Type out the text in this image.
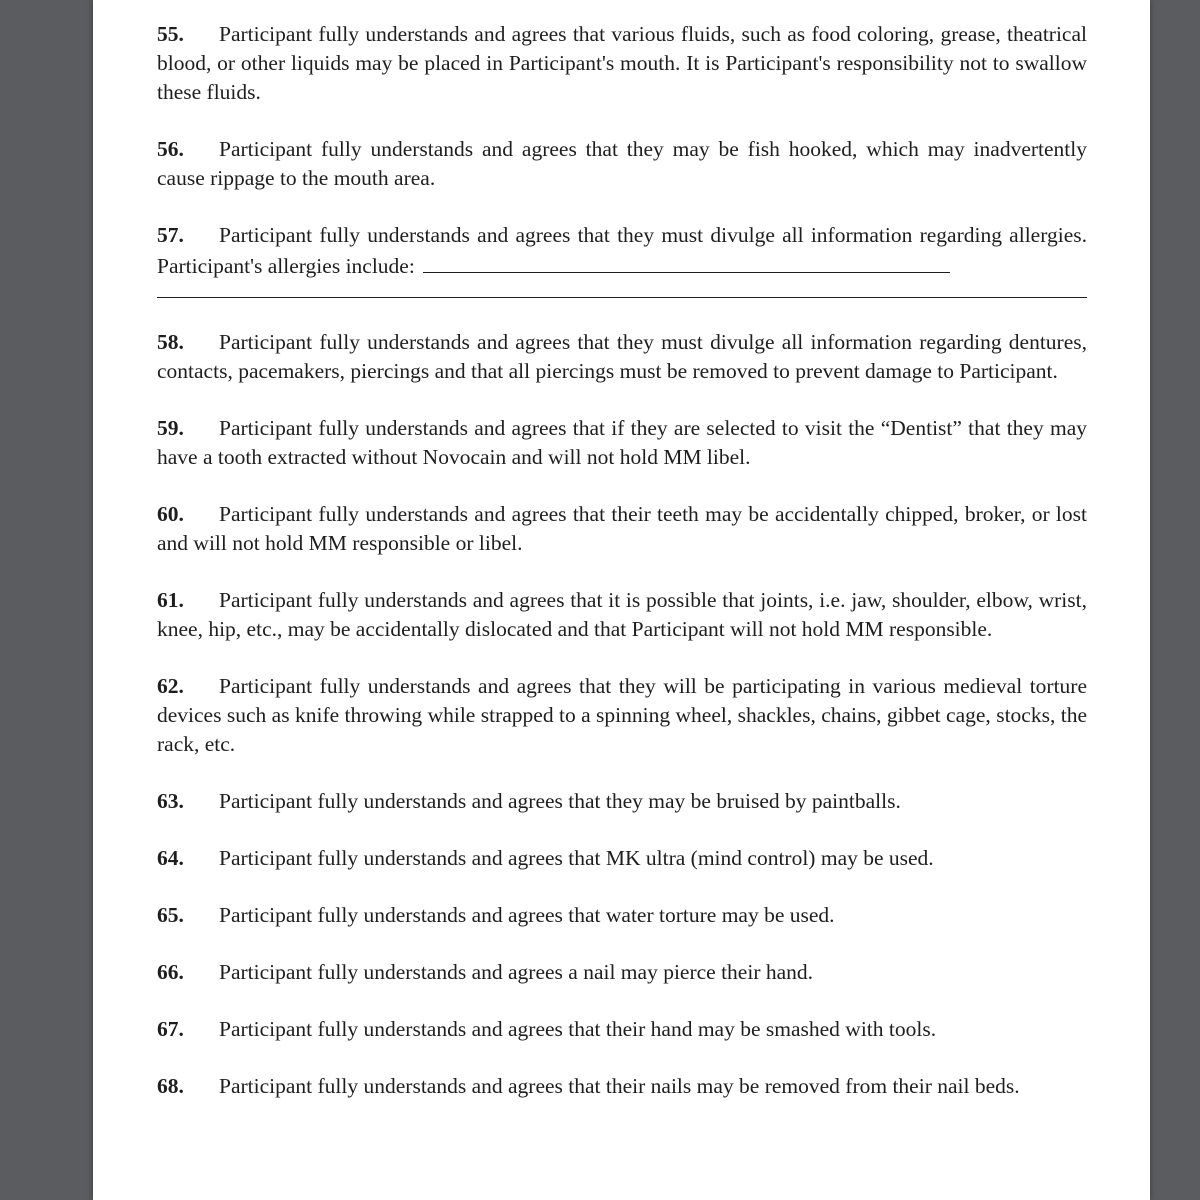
55. Participant fully understands and agrees that various fluids, such as food coloring, grease, theatrical blood, or other liquids may be placed in Participant's mouth. It is Participant's responsibility not to swallow these fluids.

56. Participant fully understands and agrees that they may be fish hooked, which may inadvertently cause rippage to the mouth area.

57. Participant fully understands and agrees that they must divulge all information regarding allergies. Participant's allergies include:

58. Participant fully understands and agrees that they must divulge all information regarding dentures, contacts, pacemakers, piercings and that all piercings must be removed to prevent damage to Participant.

59. Participant fully understands and agrees that if they are selected to visit the “Dentist” that they may have a tooth extracted without Novocain and will not hold MM libel.

60. Participant fully understands and agrees that their teeth may be accidentally chipped, broker, or lost and will not hold MM responsible or libel.

61. Participant fully understands and agrees that it is possible that joints, i.e. jaw, shoulder, elbow, wrist, knee, hip, etc., may be accidentally dislocated and that Participant will not hold MM responsible.

62. Participant fully understands and agrees that they will be participating in various medieval torture devices such as knife throwing while strapped to a spinning wheel, shackles, chains, gibbet cage, stocks, the rack, etc.

63. Participant fully understands and agrees that they may be bruised by paintballs.

64. Participant fully understands and agrees that MK ultra (mind control) may be used.

65. Participant fully understands and agrees that water torture may be used.

66. Participant fully understands and agrees a nail may pierce their hand.

67. Participant fully understands and agrees that their hand may be smashed with tools.

68. Participant fully understands and agrees that their nails may be removed from their nail beds.
